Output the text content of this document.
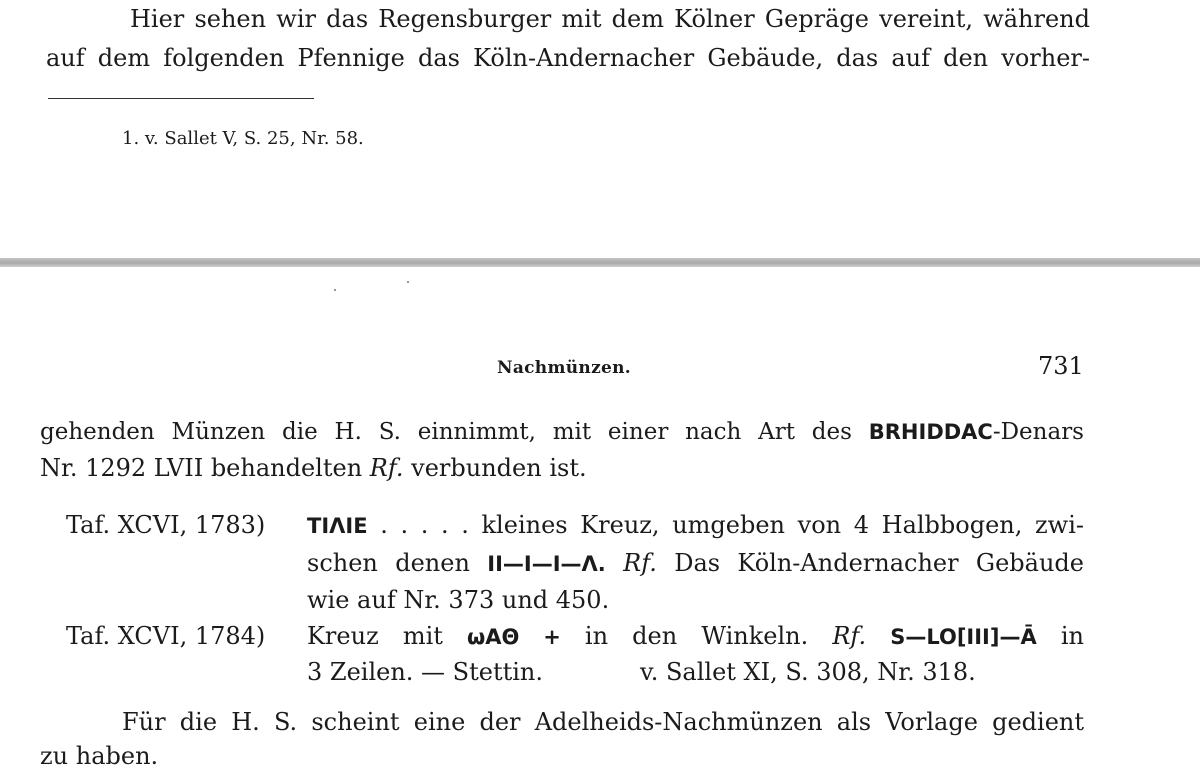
Hier sehen wir das Regensburger mit dem Kölner Gepräge vereint, während
auf dem folgenden Pfennige das Köln-Andernacher Gebäude, das auf den vorher-
1. v. Sallet V, S. 25, Nr. 58.
Nachmünzen.	731
gehenden Münzen die H. S. einnimmt, mit einer nach Art des BRHIDDAC-Denars
Nr. 1292 LVII behandelten Rf. verbunden ist.
Taf. XCVI, 1783) ΤΙΛΙΕ . . . . . kleines Kreuz, umgeben von 4 Halbbogen, zwi-
schen denen II—I—I—Λ. Rf. Das Köln-Andernacher Gebäude
wie auf Nr. 373 und 450.
Taf. XCVI, 1784) Kreuz mit ωΑΘ + in den Winkeln. Rf. S—LO[III]—Ā in
3 Zeilen. — Stettin.	v. Sallet XI, S. 308, Nr. 318.
Für die H. S. scheint eine der Adelheids-Nachmünzen als Vorlage gedient
zu haben.
